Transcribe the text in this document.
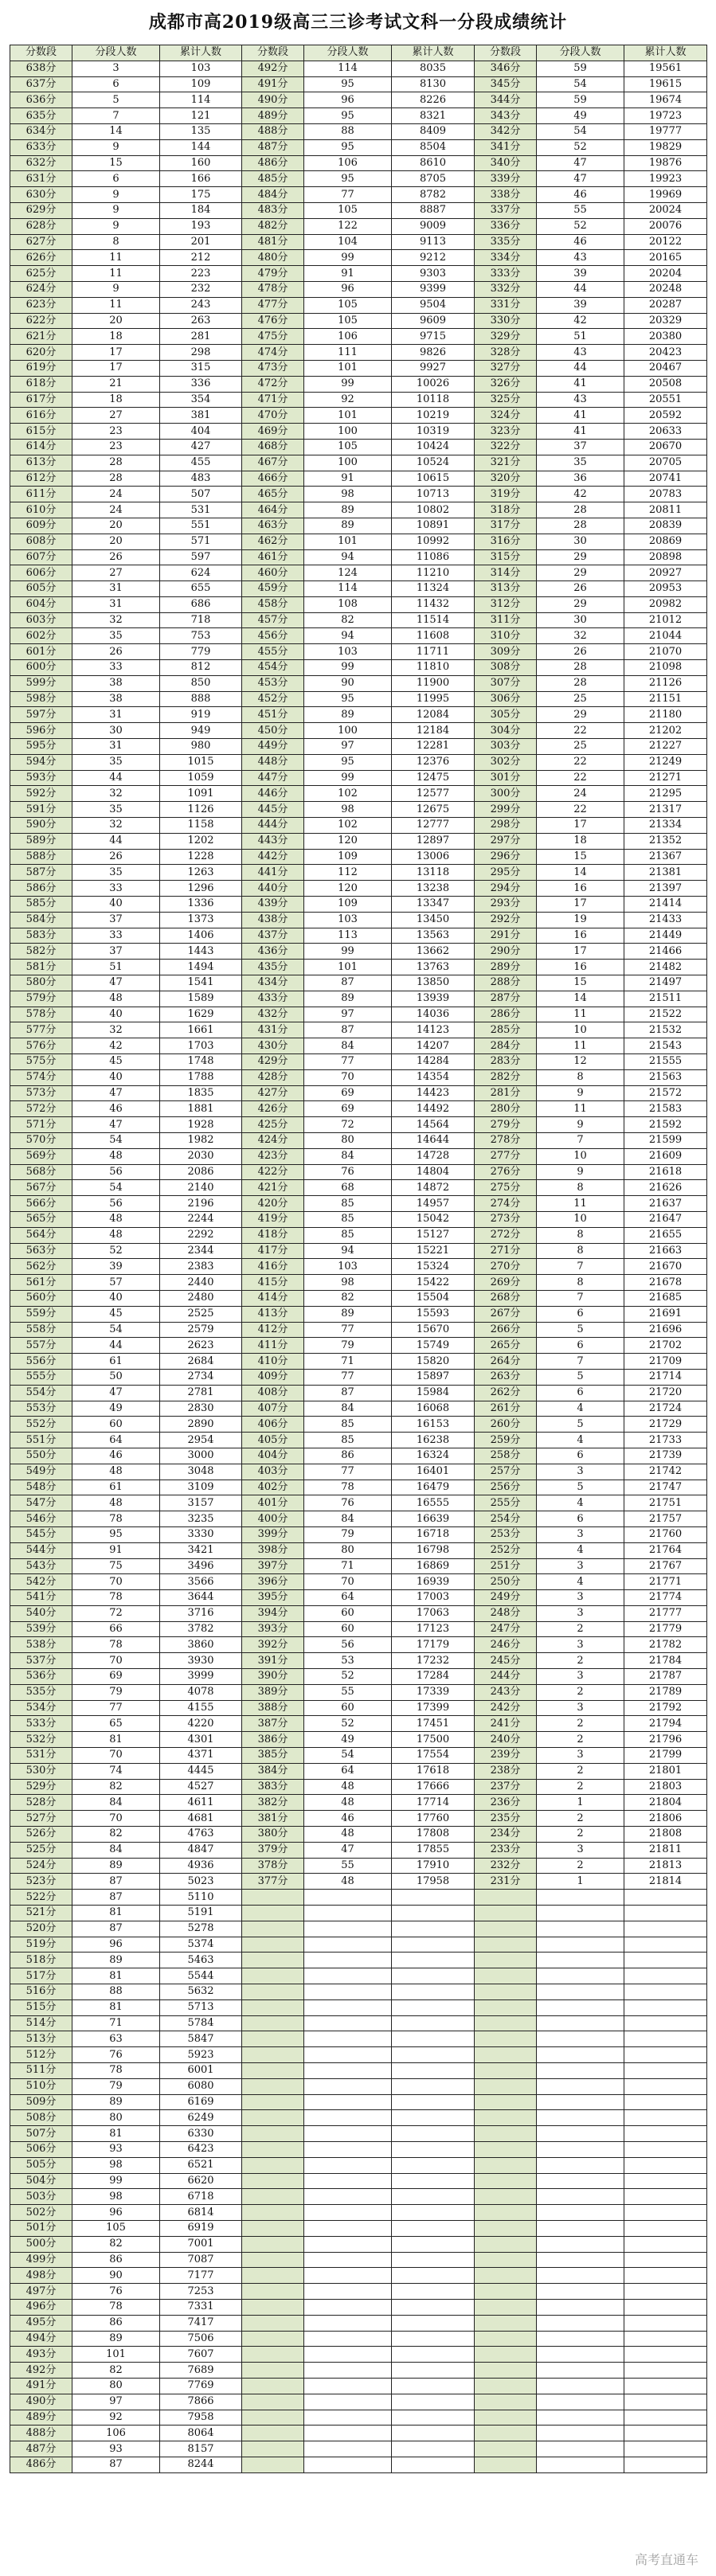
成都市高2019级高三三诊考试文科一分段成绩统计
分数段	分段人数	累计人数	分数段	分段人数	累计人数	分数段	分段人数	累计人数
638分	3	103	492分	114	8035	346分	59	19561
637分	6	109	491分	95	8130	345分	54	19615
636分	5	114	490分	96	8226	344分	59	19674
635分	7	121	489分	95	8321	343分	49	19723
634分	14	135	488分	88	8409	342分	54	19777
633分	9	144	487分	95	8504	341分	52	19829
632分	15	160	486分	106	8610	340分	47	19876
631分	6	166	485分	95	8705	339分	47	19923
630分	9	175	484分	77	8782	338分	46	19969
629分	9	184	483分	105	8887	337分	55	20024
628分	9	193	482分	122	9009	336分	52	20076
627分	8	201	481分	104	9113	335分	46	20122
626分	11	212	480分	99	9212	334分	43	20165
625分	11	223	479分	91	9303	333分	39	20204
624分	9	232	478分	96	9399	332分	44	20248
623分	11	243	477分	105	9504	331分	39	20287
622分	20	263	476分	105	9609	330分	42	20329
621分	18	281	475分	106	9715	329分	51	20380
620分	17	298	474分	111	9826	328分	43	20423
619分	17	315	473分	101	9927	327分	44	20467
618分	21	336	472分	99	10026	326分	41	20508
617分	18	354	471分	92	10118	325分	43	20551
616分	27	381	470分	101	10219	324分	41	20592
615分	23	404	469分	100	10319	323分	41	20633
614分	23	427	468分	105	10424	322分	37	20670
613分	28	455	467分	100	10524	321分	35	20705
612分	28	483	466分	91	10615	320分	36	20741
611分	24	507	465分	98	10713	319分	42	20783
610分	24	531	464分	89	10802	318分	28	20811
609分	20	551	463分	89	10891	317分	28	20839
608分	20	571	462分	101	10992	316分	30	20869
607分	26	597	461分	94	11086	315分	29	20898
606分	27	624	460分	124	11210	314分	29	20927
605分	31	655	459分	114	11324	313分	26	20953
604分	31	686	458分	108	11432	312分	29	20982
603分	32	718	457分	82	11514	311分	30	21012
602分	35	753	456分	94	11608	310分	32	21044
601分	26	779	455分	103	11711	309分	26	21070
600分	33	812	454分	99	11810	308分	28	21098
599分	38	850	453分	90	11900	307分	28	21126
598分	38	888	452分	95	11995	306分	25	21151
597分	31	919	451分	89	12084	305分	29	21180
596分	30	949	450分	100	12184	304分	22	21202
595分	31	980	449分	97	12281	303分	25	21227
594分	35	1015	448分	95	12376	302分	22	21249
593分	44	1059	447分	99	12475	301分	22	21271
592分	32	1091	446分	102	12577	300分	24	21295
591分	35	1126	445分	98	12675	299分	22	21317
590分	32	1158	444分	102	12777	298分	17	21334
589分	44	1202	443分	120	12897	297分	18	21352
588分	26	1228	442分	109	13006	296分	15	21367
587分	35	1263	441分	112	13118	295分	14	21381
586分	33	1296	440分	120	13238	294分	16	21397
585分	40	1336	439分	109	13347	293分	17	21414
584分	37	1373	438分	103	13450	292分	19	21433
583分	33	1406	437分	113	13563	291分	16	21449
582分	37	1443	436分	99	13662	290分	17	21466
581分	51	1494	435分	101	13763	289分	16	21482
580分	47	1541	434分	87	13850	288分	15	21497
579分	48	1589	433分	89	13939	287分	14	21511
578分	40	1629	432分	97	14036	286分	11	21522
577分	32	1661	431分	87	14123	285分	10	21532
576分	42	1703	430分	84	14207	284分	11	21543
575分	45	1748	429分	77	14284	283分	12	21555
574分	40	1788	428分	70	14354	282分	8	21563
573分	47	1835	427分	69	14423	281分	9	21572
572分	46	1881	426分	69	14492	280分	11	21583
571分	47	1928	425分	72	14564	279分	9	21592
570分	54	1982	424分	80	14644	278分	7	21599
569分	48	2030	423分	84	14728	277分	10	21609
568分	56	2086	422分	76	14804	276分	9	21618
567分	54	2140	421分	68	14872	275分	8	21626
566分	56	2196	420分	85	14957	274分	11	21637
565分	48	2244	419分	85	15042	273分	10	21647
564分	48	2292	418分	85	15127	272分	8	21655
563分	52	2344	417分	94	15221	271分	8	21663
562分	39	2383	416分	103	15324	270分	7	21670
561分	57	2440	415分	98	15422	269分	8	21678
560分	40	2480	414分	82	15504	268分	7	21685
559分	45	2525	413分	89	15593	267分	6	21691
558分	54	2579	412分	77	15670	266分	5	21696
557分	44	2623	411分	79	15749	265分	6	21702
556分	61	2684	410分	71	15820	264分	7	21709
555分	50	2734	409分	77	15897	263分	5	21714
554分	47	2781	408分	87	15984	262分	6	21720
553分	49	2830	407分	84	16068	261分	4	21724
552分	60	2890	406分	85	16153	260分	5	21729
551分	64	2954	405分	85	16238	259分	4	21733
550分	46	3000	404分	86	16324	258分	6	21739
549分	48	3048	403分	77	16401	257分	3	21742
548分	61	3109	402分	78	16479	256分	5	21747
547分	48	3157	401分	76	16555	255分	4	21751
546分	78	3235	400分	84	16639	254分	6	21757
545分	95	3330	399分	79	16718	253分	3	21760
544分	91	3421	398分	80	16798	252分	4	21764
543分	75	3496	397分	71	16869	251分	3	21767
542分	70	3566	396分	70	16939	250分	4	21771
541分	78	3644	395分	64	17003	249分	3	21774
540分	72	3716	394分	60	17063	248分	3	21777
539分	66	3782	393分	60	17123	247分	2	21779
538分	78	3860	392分	56	17179	246分	3	21782
537分	70	3930	391分	53	17232	245分	2	21784
536分	69	3999	390分	52	17284	244分	3	21787
535分	79	4078	389分	55	17339	243分	2	21789
534分	77	4155	388分	60	17399	242分	3	21792
533分	65	4220	387分	52	17451	241分	2	21794
532分	81	4301	386分	49	17500	240分	2	21796
531分	70	4371	385分	54	17554	239分	3	21799
530分	74	4445	384分	64	17618	238分	2	21801
529分	82	4527	383分	48	17666	237分	2	21803
528分	84	4611	382分	48	17714	236分	1	21804
527分	70	4681	381分	46	17760	235分	2	21806
526分	82	4763	380分	48	17808	234分	2	21808
525分	84	4847	379分	47	17855	233分	3	21811
524分	89	4936	378分	55	17910	232分	2	21813
523分	87	5023	377分	48	17958	231分	1	21814
522分	87	5110						
521分	81	5191						
520分	87	5278						
519分	96	5374						
518分	89	5463						
517分	81	5544						
516分	88	5632						
515分	81	5713						
514分	71	5784						
513分	63	5847						
512分	76	5923						
511分	78	6001						
510分	79	6080						
509分	89	6169						
508分	80	6249						
507分	81	6330						
506分	93	6423						
505分	98	6521						
504分	99	6620						
503分	98	6718						
502分	96	6814						
501分	105	6919						
500分	82	7001						
499分	86	7087						
498分	90	7177						
497分	76	7253						
496分	78	7331						
495分	86	7417						
494分	89	7506						
493分	101	7607						
492分	82	7689						
491分	80	7769						
490分	97	7866						
489分	92	7958						
488分	106	8064						
487分	93	8157						
486分	87	8244						
高考直通车
